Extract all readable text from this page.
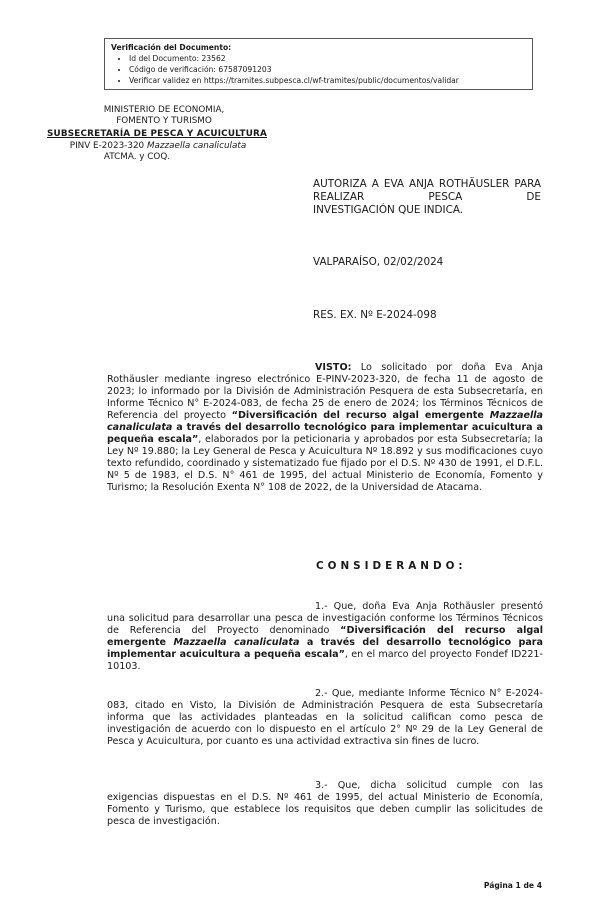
Verificación del Documento:
• Id del Documento: 23562
• Código de verificación: 67587091203
• Verificar validez en https://tramites.subpesca.cl/wf-tramites/public/documentos/validar
MINISTERIO DE ECONOMIA,
FOMENTO Y TURISMO
SUBSECRETARÍA DE PESCA Y ACUICULTURA
PINV E-2023-320 Mazzaella canaliculata
ATCMA. y COQ.
AUTORIZA A EVA ANJA ROTHÄUSLER PARA REALIZAR PESCA DE
INVESTIGACIÓN QUE INDICA.
VALPARAÍSO, 02/02/2024
RES. EX. Nº E-2024-098
VISTO: Lo solicitado por doña Eva Anja Rothäusler mediante ingreso electrónico E-PINV-2023-320, de fecha 11 de agosto de 2023; lo informado por la División de Administración Pesquera de esta Subsecretaría, en Informe Técnico N° E-2024-083, de fecha 25 de enero de 2024; los Términos Técnicos de Referencia del proyecto “Diversificación del recurso algal emergente Mazzaella canaliculata a través del desarrollo tecnológico para implementar acuicultura a pequeña escala”, elaborados por la peticionaria y aprobados por esta Subsecretaría; la Ley Nº 19.880; la Ley General de Pesca y Acuicultura Nº 18.892 y sus modificaciones cuyo texto refundido, coordinado y sistematizado fue fijado por el D.S. Nº 430 de 1991, el D.F.L. Nº 5 de 1983, el D.S. N° 461 de 1995, del actual Ministerio de Economía, Fomento y Turismo; la Resolución Exenta N° 108 de 2022, de la Universidad de Atacama.
CONSIDERANDO:
1.- Que, doña Eva Anja Rothäusler presentó una solicitud para desarrollar una pesca de investigación conforme los Términos Técnicos de Referencia del Proyecto denominado “Diversificación del recurso algal emergente Mazzaella canaliculata a través del desarrollo tecnológico para implementar acuicultura a pequeña escala”, en el marco del proyecto Fondef ID221-10103.
2.- Que, mediante Informe Técnico N° E-2024-083, citado en Visto, la División de Administración Pesquera de esta Subsecretaría informa que las actividades planteadas en la solicitud califican como pesca de investigación de acuerdo con lo dispuesto en el artículo 2° Nº 29 de la Ley General de Pesca y Acuicultura, por cuanto es una actividad extractiva sin fines de lucro.
3.- Que, dicha solicitud cumple con las exigencias dispuestas en el D.S. Nº 461 de 1995, del actual Ministerio de Economía, Fomento y Turismo, que establece los requisitos que deben cumplir las solicitudes de pesca de investigación.
Página 1 de 4
